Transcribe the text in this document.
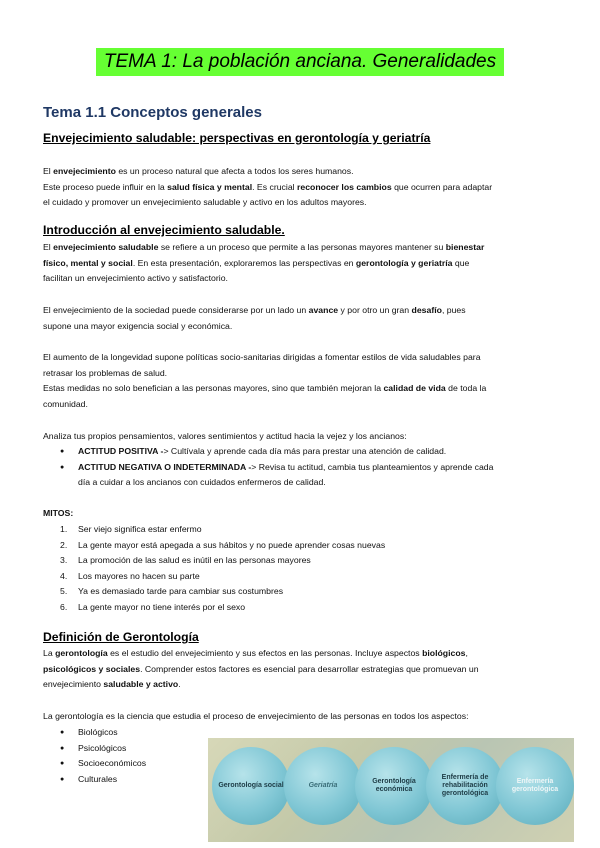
TEMA 1: La población anciana. Generalidades
Tema 1.1 Conceptos generales
Envejecimiento saludable: perspectivas en gerontología y geriatría
El envejecimiento es un proceso natural que afecta a todos los seres humanos.
Este proceso puede influir en la salud física y mental. Es crucial reconocer los cambios que ocurren para adaptar
el cuidado y promover un envejecimiento saludable y activo en los adultos mayores.
Introducción al envejecimiento saludable.
El envejecimiento saludable se refiere a un proceso que permite a las personas mayores mantener su bienestar
físico, mental y social. En esta presentación, exploraremos las perspectivas en gerontología y geriatría que
facilitan un envejecimiento activo y satisfactorio.
El envejecimiento de la sociedad puede considerarse por un lado un avance y por otro un gran desafío, pues
supone una mayor exigencia social y económica.
El aumento de la longevidad supone políticas socio-sanitarias dirigidas a fomentar estilos de vida saludables para
retrasar los problemas de salud.
Estas medidas no solo benefician a las personas mayores, sino que también mejoran la calidad de vida de toda la
comunidad.
Analiza tus propios pensamientos, valores sentimientos y actitud hacia la vejez y los ancianos:
● ACTITUD POSITIVA -> Cultívala y aprende cada día más para prestar una atención de calidad.
● ACTITUD NEGATIVA O INDETERMINADA -> Revisa tu actitud, cambia tus planteamientos y aprende cada
día a cuidar a los ancianos con cuidados enfermeros de calidad.
MITOS:
1. Ser viejo significa estar enfermo
2. La gente mayor está apegada a sus hábitos y no puede aprender cosas nuevas
3. La promoción de las salud es inútil en las personas mayores
4. Los mayores no hacen su parte
5. Ya es demasiado tarde para cambiar sus costumbres
6. La gente mayor no tiene interés por el sexo
Definición de Gerontología
La gerontología es el estudio del envejecimiento y sus efectos en las personas. Incluye aspectos biológicos,
psicológicos y sociales. Comprender estos factores es esencial para desarrollar estrategias que promuevan un
envejecimiento saludable y activo.
La gerontología es la ciencia que estudia el proceso de envejecimiento de las personas en todos los aspectos:
● Biológicos
● Psicológicos
● Socioeconómicos
● Culturales
Gerontología social	Geriatría
Gerontología económica
Enfermería de rehabilitación gerontológica
Enfermería gerontológica
